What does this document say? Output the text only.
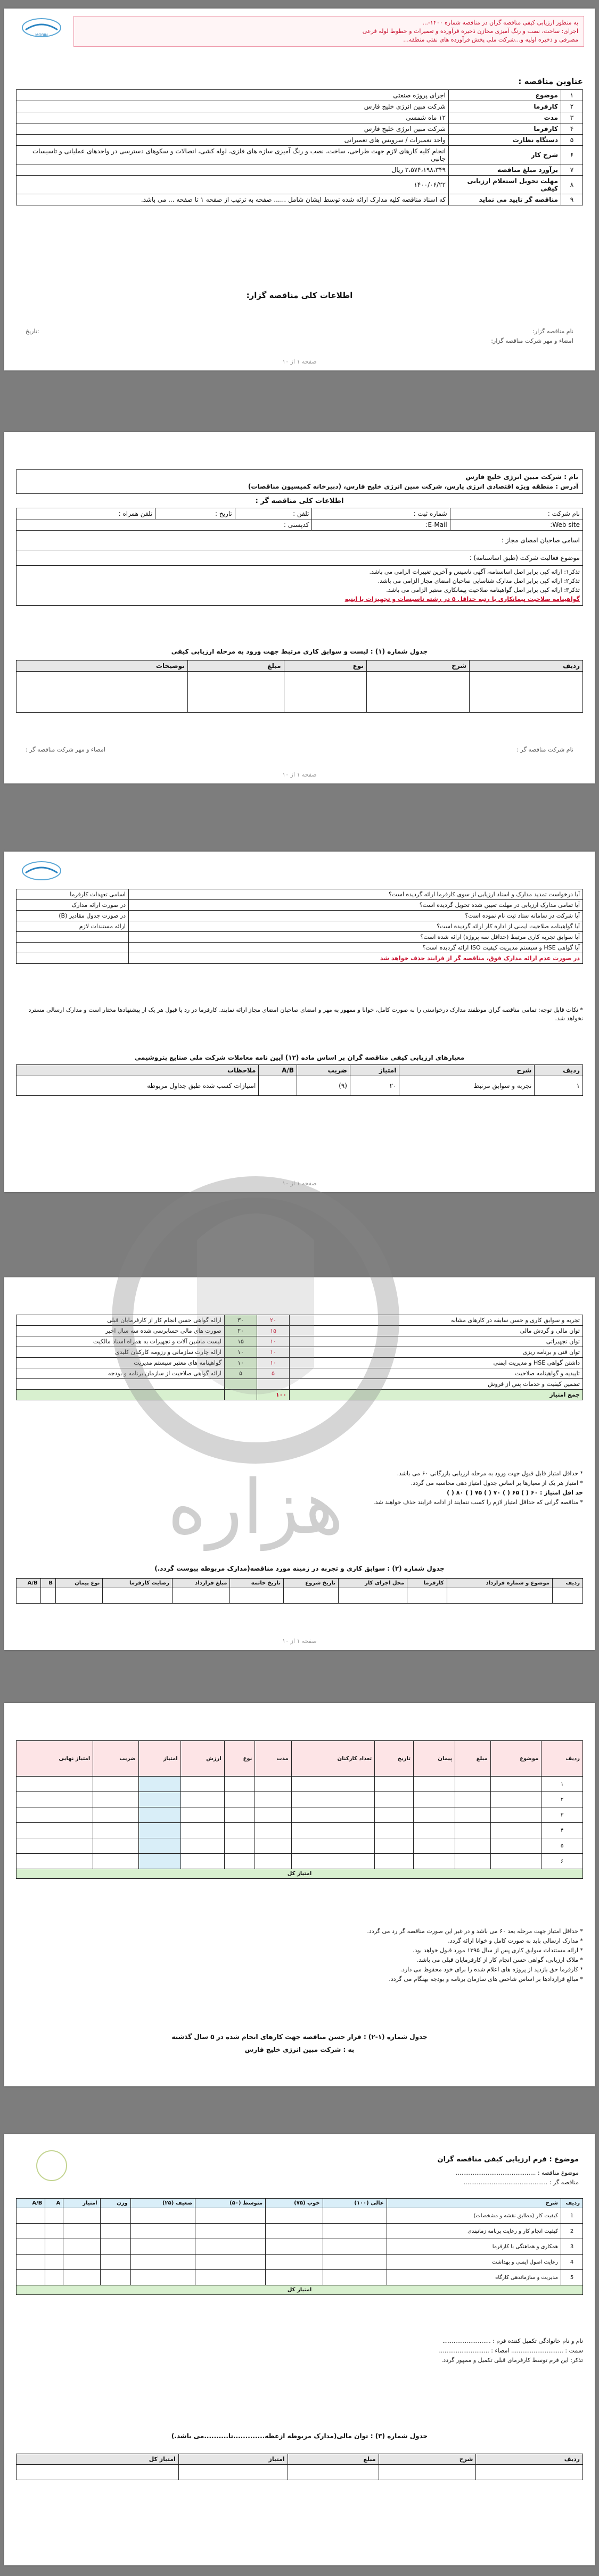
MOBIN
به منظور ارزیابی کیفی مناقصه گران در مناقصه شماره ۱۴۰۰-...
اجرای: ساخت، نصب و رنگ آمیزی مخازن ذخیره فرآورده و تعمیرات و خطوط لوله فرعی
مصرفی و ذخیره اولیه و...شرکت ملی پخش فرآورده های نفتی منطقه...
عناوین مناقصه :
۱	موضوع	اجرای پروژه صنعتی
۲	کارفرما	شرکت مبین انرژی خلیج فارس
۳	مدت	۱۲ ماه شمسی
۴	کارفرما	شرکت مبین انرژی خلیج فارس
۵	دستگاه نظارت	واحد تعمیرات / سرویس های تعمیراتی
۶	شرح کار	انجام کلیه کارهای لازم جهت طراحی، ساخت، نصب و رنگ آمیزی سازه های فلزی، لوله کشی، اتصالات و سکوهای دسترسی در واحدهای عملیاتی و تاسیسات جانبی
۷	برآورد مبلغ مناقصه	۲،۵۷۴،۱۹۸،۳۴۹ ریال
۸	مهلت تحویل استعلام ارزیابی کیفی	۱۴۰۰/۰۶/۲۲
۹	مناقصه گر تایید می نماید	که اسناد مناقصه کلیه مدارک ارائه شده توسط ایشان شامل ...... صفحه به ترتیب از صفحه ۱ تا صفحه ... می باشد.
اطلاعات کلی مناقصه گزار:
تاریخ:	نام مناقصه گزار:
امضاء و مهر شرکت مناقصه گزار:
صفحه ۱ از ۱۰
نام : شرکت مبین انرژی خلیج فارس
آدرس : منطقه ویژه اقتصادی انرژی پارس، شرکت مبین انرژی خلیج فارس، (دبیرخانه کمیسیون مناقصات)
اطلاعات کلی مناقصه گر :
نام شرکت :	شماره ثبت :	تلفن :	تاریخ :	تلفن همراه :
Web site:	E-Mail:	کدپستی :		
اسامی صاحبان امضای مجاز :				
موضوع فعالیت شرکت (طبق اساسنامه) :				

تذکر۱: ارائه کپی برابر اصل اساسنامه، آگهی تاسیس و آخرین تغییرات الزامی می باشد.
تذکر۲: ارائه کپی برابر اصل مدارک شناسایی صاحبان امضای مجاز الزامی می باشد.
تذکر۳: ارائه کپی برابر اصل گواهینامه صلاحیت پیمانکاری معتبر الزامی می باشد.
گواهینامه صلاحیت پیمانکاری با رتبه حداقل ۵ در رشته تاسیسات و تجهیزات یا ابنیه				
جدول شماره (۱) : لیست و سوابق کاری مرتبط جهت ورود به مرحله ارزیابی کیفی
ردیف	شرح	نوع	مبلغ	توضیحات

امضاء و مهر شرکت مناقصه گر :	نام شرکت مناقصه گر :
صفحه ۱ از ۱۰
آیا درخواست تمدید مدارک و اسناد ارزیابی از سوی کارفرما ارائه گردیده است؟	اسامی تعهدات کارفرما
آیا تمامی مدارک ارزیابی در مهلت تعیین شده تحویل گردیده است؟	در صورت ارائه مدارک
آیا شرکت در سامانه ستاد ثبت نام نموده است؟	در صورت جدول مقادیر (B)
آیا گواهینامه صلاحیت ایمنی از اداره کار ارائه گردیده است؟	ارائه مستندات لازم
آیا سوابق تجربه کاری مرتبط (حداقل سه پروژه) ارائه شده است؟	
آیا گواهی HSE و سیستم مدیریت کیفیت ISO ارائه گردیده است؟	
در صورت عدم ارائه مدارک فوق، مناقصه گر از فرایند حذف خواهد شد	
* نکات قابل توجه: تمامی مناقصه گران موظفند مدارک درخواستی را به صورت کامل، خوانا و ممهور به مهر و امضای صاحبان امضای مجاز ارائه نمایند. کارفرما در رد یا قبول هر یک از پیشنهادها مختار است و مدارک ارسالی مسترد نخواهد شد.
معیارهای ارزیابی کیفی مناقصه گران بر اساس ماده (۱۲) آیین نامه معاملات شرکت ملی صنایع پتروشیمی
ردیف	شرح	امتیاز	ضریب	A/B	ملاحظات
۱	تجربه و سوابق مرتبط	۲۰	(۹)		امتیازات کسب شده طبق جداول مربوطه
صفحه ۱ از ۱۰
تجربه و سوابق کاری و حسن سابقه در کارهای مشابه	۲۰	۳۰	ارائه گواهی حسن انجام کار از کارفرمایان قبلی
توان مالی و گردش مالی	۱۵	۲۰	صورت های مالی حسابرسی شده سه سال اخیر
توان تجهیزاتی	۱۰	۱۵	لیست ماشین آلات و تجهیزات به همراه اسناد مالکیت
توان فنی و برنامه ریزی	۱۰	۱۰	ارائه چارت سازمانی و رزومه کارکنان کلیدی
داشتن گواهی HSE و مدیریت ایمنی	۱۰	۱۰	گواهینامه های معتبر سیستم مدیریت
تاییدیه و گواهینامه صلاحیت	۵	۵	ارائه گواهی صلاحیت از سازمان برنامه و بودجه
تضمین کیفیت و خدمات پس از فروش			
جمع امتیاز	۱۰۰		
* حداقل امتیاز قابل قبول جهت ورود به مرحله ارزیابی بازرگانی ۶۰ می باشد.
* امتیاز هر یک از معیارها بر اساس جدول امتیاز دهی محاسبه می گردد.
حد اقل امتیاز : ۶۰ ( ) ۶۵ ( ) ۷۰ ( ) ۷۵ ( ) ۸۰ ( )
* مناقصه گرانی که حداقل امتیاز لازم را کسب ننمایند از ادامه فرایند حذف خواهند شد.
جدول شماره (۲) : سوابق کاری و تجربه در زمینه مورد مناقصه(مدارک مربوطه پیوست گردد.)
ردیف	موضوع و شماره قرارداد	کارفرما	محل اجرای کار	تاریخ شروع	تاریخ خاتمه	مبلغ قرارداد	رضایت کارفرما	نوع پیمان	B	A/B

صفحه ۱ از ۱۰
هزاره
ردیف	موضوع	مبلغ	پیمان	تاریخ	تعداد کارکنان	مدت	نوع	ارزش	امتیاز	ضریب	امتیاز نهایی
۱											
۲											
۳											
۴											
۵											
۶											
امتیاز کل											
* حداقل امتیاز جهت مرحله بعد ۶۰ می باشد و در غیر این صورت مناقصه گر رد می گردد.
* مدارک ارسالی باید به صورت کامل و خوانا ارائه گردد.
* ارائه مستندات سوابق کاری پس از سال ۱۳۹۵ مورد قبول خواهد بود.
* ملاک ارزیابی، گواهی حسن انجام کار از کارفرمایان قبلی می باشد.
* کارفرما حق بازدید از پروژه های اعلام شده را برای خود محفوظ می دارد.
* مبالغ قراردادها بر اساس شاخص های سازمان برنامه و بودجه بهنگام می گردد.
جدول شماره (۱-۲) : قرار حسن مناقصه جهت کارهای انجام شده در ۵ سال گذشته
به : شرکت مبین انرژی خلیج فارس
موضوع : فرم ارزیابی کیفی مناقصه گران
موضوع مناقصه : ...........................................
مناقصه گر : .............................................
ردیف	شرح	عالی (۱۰۰)	خوب (۷۵)	متوسط (۵۰)	ضعیف (۲۵)	وزن	امتیاز	A	A/B
1	کیفیت کار (مطابق نقشه و مشخصات)								
2	کیفیت انجام کار و رعایت برنامه زمانبندی								
3	همکاری و هماهنگی با کارفرما								
4	رعایت اصول ایمنی و بهداشت								
5	مدیریت و سازماندهی کارگاه								
امتیاز کل									
نام و نام خانوادگی تکمیل کننده فرم : ..........................
سمت : ............................ امضاء : ...........................
تذکر: این فرم توسط کارفرمای قبلی تکمیل و ممهور گردد.
جدول شماره (۳) : توان مالی(مدارک مربوطه ازعطه.............تا..........می باشد.)
ردیف	شرح	مبلغ	امتیاز	امتیاز کل
